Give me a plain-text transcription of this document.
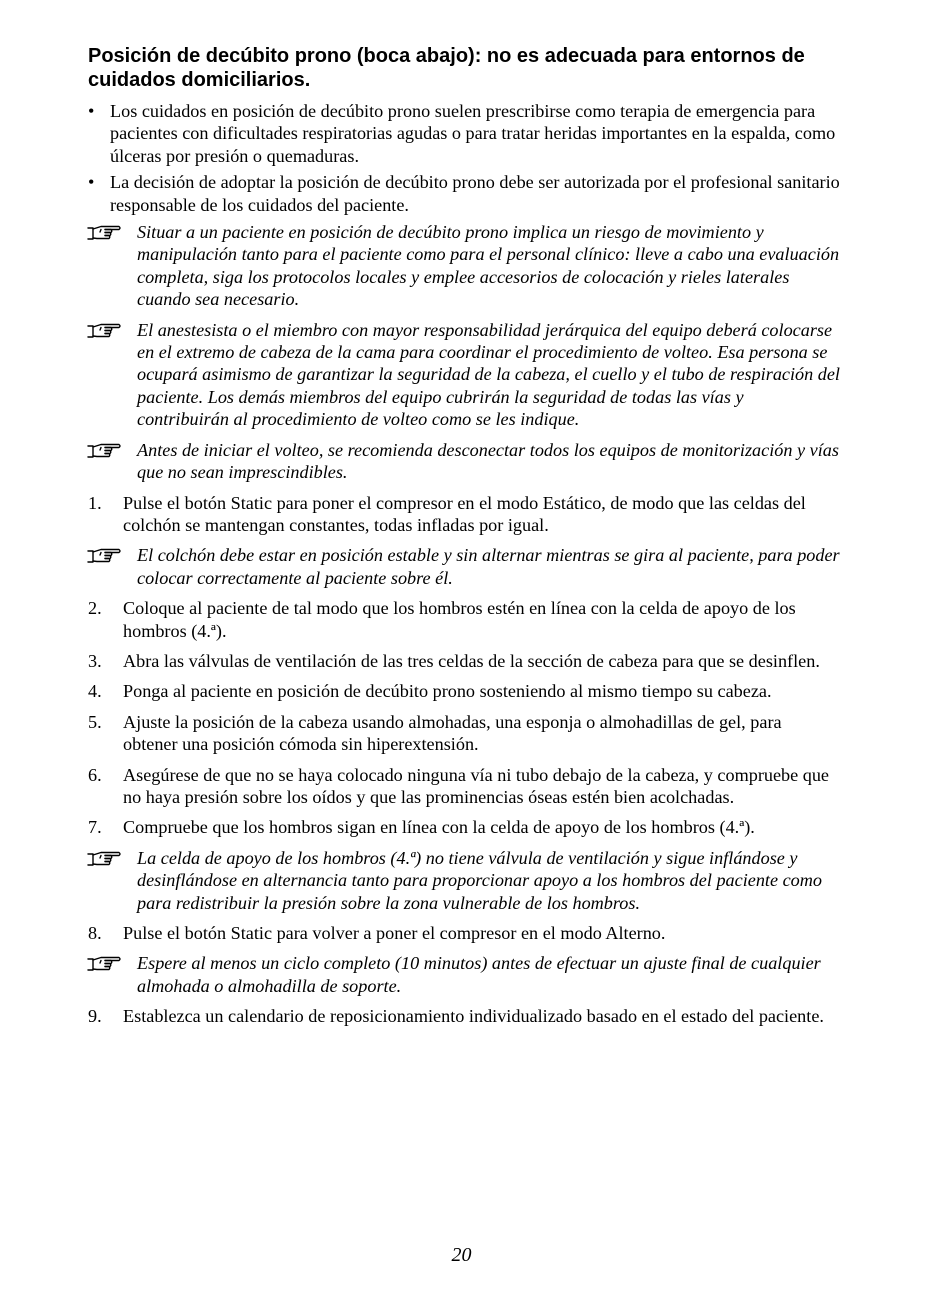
Posición de decúbito prono (boca abajo): no es adecuada para entornos de cuidados domiciliarios.
• Los cuidados en posición de decúbito prono suelen prescribirse como terapia de emergencia para pacientes con dificultades respiratorias agudas o para tratar heridas importantes en la espalda, como úlceras por presión o quemaduras.
• La decisión de adoptar la posición de decúbito prono debe ser autorizada por el profesional sanitario responsable de los cuidados del paciente.
Situar a un paciente en posición de decúbito prono implica un riesgo de movimiento y manipulación tanto para el paciente como para el personal clínico: lleve a cabo una evaluación completa, siga los protocolos locales y emplee accesorios de colocación y rieles laterales cuando sea necesario.
El anestesista o el miembro con mayor responsabilidad jerárquica del equipo deberá colocarse en el extremo de cabeza de la cama para coordinar el procedimiento de volteo. Esa persona se ocupará asimismo de garantizar la seguridad de la cabeza, el cuello y el tubo de respiración del paciente. Los demás miembros del equipo cubrirán la seguridad de todas las vías y contribuirán al procedimiento de volteo como se les indique.
Antes de iniciar el volteo, se recomienda desconectar todos los equipos de monitorización y vías que no sean imprescindibles.
1. Pulse el botón Static para poner el compresor en el modo Estático, de modo que las celdas del colchón se mantengan constantes, todas infladas por igual.
El colchón debe estar en posición estable y sin alternar mientras se gira al paciente, para poder colocar correctamente al paciente sobre él.
2. Coloque al paciente de tal modo que los hombros estén en línea con la celda de apoyo de los hombros (4.ª).
3. Abra las válvulas de ventilación de las tres celdas de la sección de cabeza para que se desinflen.
4. Ponga al paciente en posición de decúbito prono sosteniendo al mismo tiempo su cabeza.
5. Ajuste la posición de la cabeza usando almohadas, una esponja o almohadillas de gel, para obtener una posición cómoda sin hiperextensión.
6. Asegúrese de que no se haya colocado ninguna vía ni tubo debajo de la cabeza, y compruebe que no haya presión sobre los oídos y que las prominencias óseas estén bien acolchadas.
7. Compruebe que los hombros sigan en línea con la celda de apoyo de los hombros (4.ª).
La celda de apoyo de los hombros (4.ª) no tiene válvula de ventilación y sigue inflándose y desinflándose en alternancia tanto para proporcionar apoyo a los hombros del paciente como para redistribuir la presión sobre la zona vulnerable de los hombros.
8. Pulse el botón Static para volver a poner el compresor en el modo Alterno.
Espere al menos un ciclo completo (10 minutos) antes de efectuar un ajuste final de cualquier almohada o almohadilla de soporte.
9. Establezca un calendario de reposicionamiento individualizado basado en el estado del paciente.
20
